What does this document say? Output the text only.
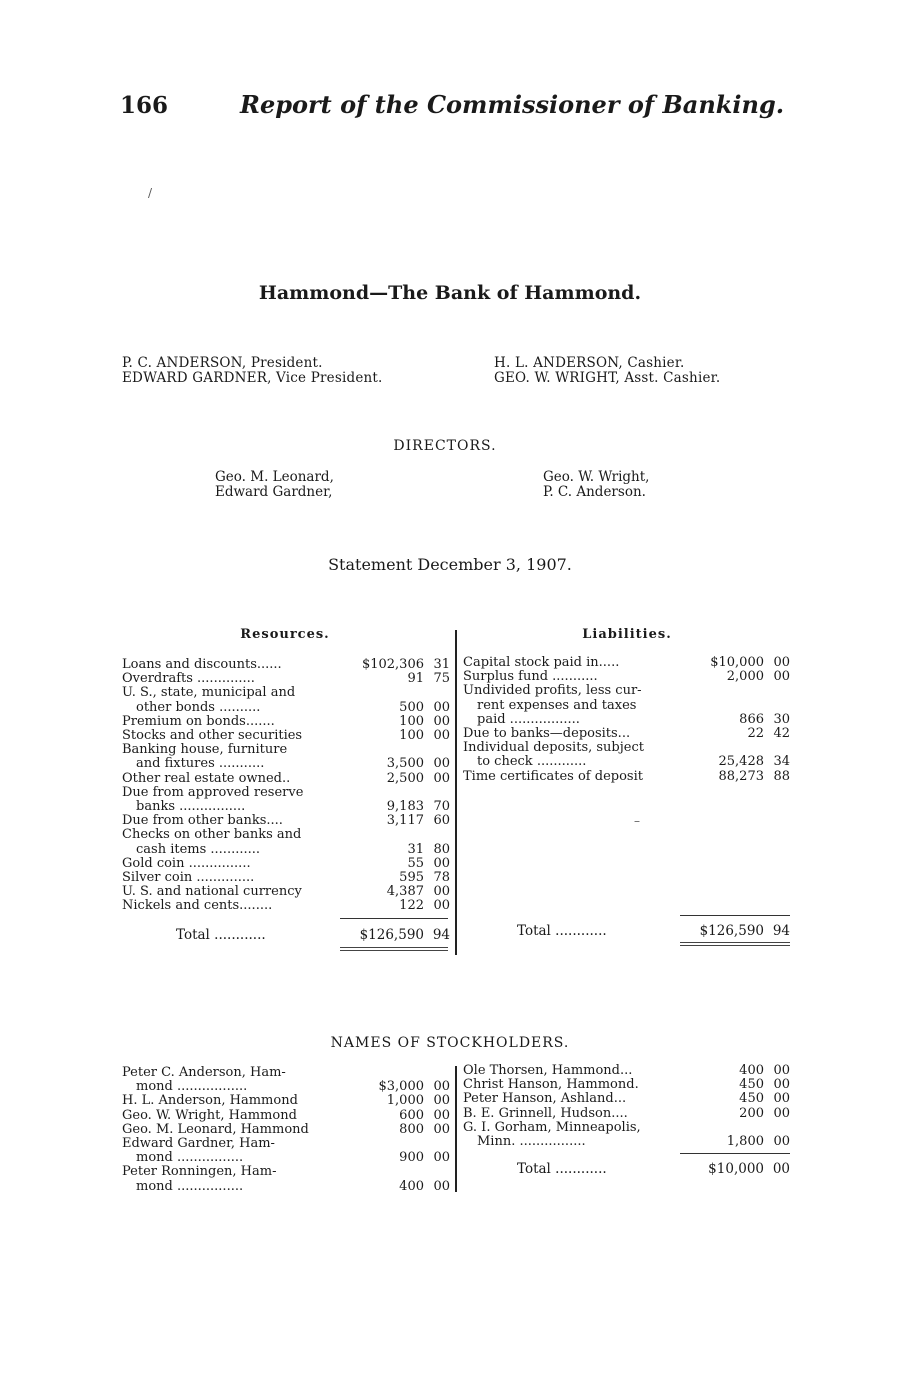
166	Report of the Commissioner of Banking.
/
Hammond—The Bank of Hammond.
P. C. ANDERSON, President.
EDWARD GARDNER, Vice President.
H. L. ANDERSON, Cashier.
GEO. W. WRIGHT, Asst. Cashier.
DIRECTORS.
Geo. M. Leonard,
Edward Gardner,
Geo. W. Wright,
P. C. Anderson.
Statement December 3, 1907.
Resources.
Loans and discounts......	$102,306 31
Overdrafts ..............	91 75
U. S., state, municipal and
other bonds ..........	500 00
Premium on bonds.......	100 00
Stocks and other securities	100 00
Banking house, furniture
and fixtures ...........	3,500 00
Other real estate owned..	2,500 00
Due from approved reserve
banks ................	9,183 70
Due from other banks....	3,117 60
Checks on other banks and
cash items ............	31 80
Gold coin ...............	55 00
Silver coin ..............	595 78
U. S. and national currency	4,387 00
Nickels and cents........	122 00
Total ............	$126,590 94
Liabilities.
Capital stock paid in.....	$10,000 00
Surplus fund ...........	2,000 00
Undivided profits, less cur-
rent expenses and taxes
paid .................	866 30
Due to banks—deposits...	22 42
Individual deposits, subject
to check ............	25,428 34
Time certificates of deposit	88,273 88
–
Total ............	$126,590 94
NAMES OF STOCKHOLDERS.
Peter C. Anderson, Ham-
mond .................	$3,000 00
H. L. Anderson, Hammond	1,000 00
Geo. W. Wright, Hammond	600 00
Geo. M. Leonard, Hammond	800 00
Edward Gardner, Ham-
mond ................	900 00
Peter Ronningen, Ham-
mond ................	400 00
Ole Thorsen, Hammond...	400 00
Christ Hanson, Hammond.	450 00
Peter Hanson, Ashland...	450 00
B. E. Grinnell, Hudson....	200 00
G. I. Gorham, Minneapolis,
Minn. ................	1,800 00
Total ............	$10,000 00
